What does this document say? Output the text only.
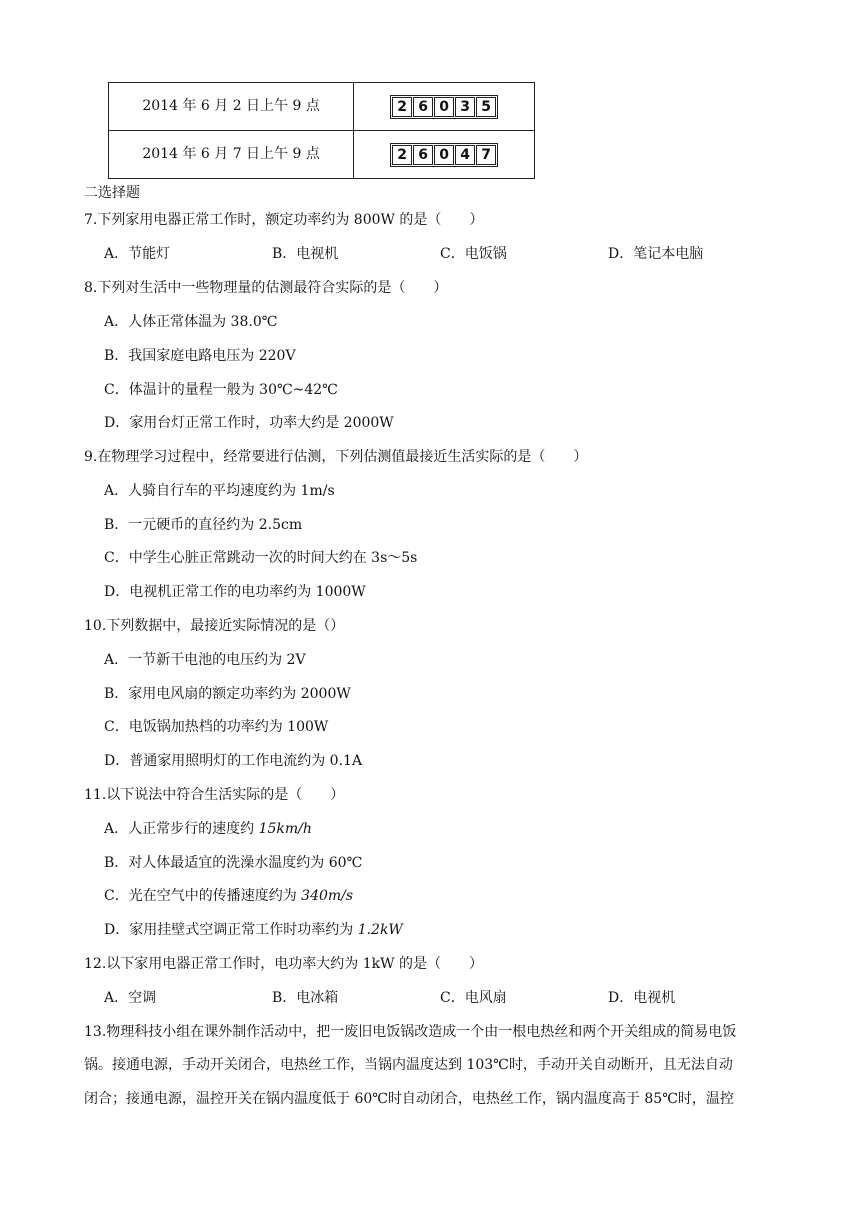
2014 年 6 月 2 日上午 9 点	2 6 0 3 5

2014 年 6 月 7 日上午 9 点	2 6 0 4 7
二选择题
7.下列家用电器正常工作时，额定功率约为 800W 的是（　　）
A．节能灯	B．电视机	C．电饭锅	D．笔记本电脑
8.下列对生活中一些物理量的估测最符合实际的是（　　）
A．人体正常体温为 38.0℃
B．我国家庭电路电压为 220V
C．体温计的量程一般为 30℃~42℃
D．家用台灯正常工作时，功率大约是 2000W
9.在物理学习过程中，经常要进行估测，下列估测值最接近生活实际的是（　　）
A．人骑自行车的平均速度约为 1m/s
B．一元硬币的直径约为 2.5cm
C．中学生心脏正常跳动一次的时间大约在 3s～5s
D．电视机正常工作的电功率约为 1000W
10.下列数据中，最接近实际情况的是（）
A．一节新干电池的电压约为 2V
B．家用电风扇的额定功率约为 2000W
C．电饭锅加热档的功率约为 100W
D．普通家用照明灯的工作电流约为 0.1A
11.以下说法中符合生活实际的是（　　）
A．人正常步行的速度约 15km/h
B．对人体最适宜的洗澡水温度约为 60℃
C．光在空气中的传播速度约为 340m/s
D．家用挂壁式空调正常工作时功率约为 1.2kW
12.以下家用电器正常工作时，电功率大约为 1kW 的是（　　）
A．空调	B．电冰箱	C．电风扇	D．电视机
13.物理科技小组在课外制作活动中，把一废旧电饭锅改造成一个由一根电热丝和两个开关组成的简易电饭
锅。接通电源，手动开关闭合，电热丝工作，当锅内温度达到 103℃时，手动开关自动断开，且无法自动
闭合；接通电源，温控开关在锅内温度低于 60℃时自动闭合，电热丝工作，锅内温度高于 85℃时，温控
